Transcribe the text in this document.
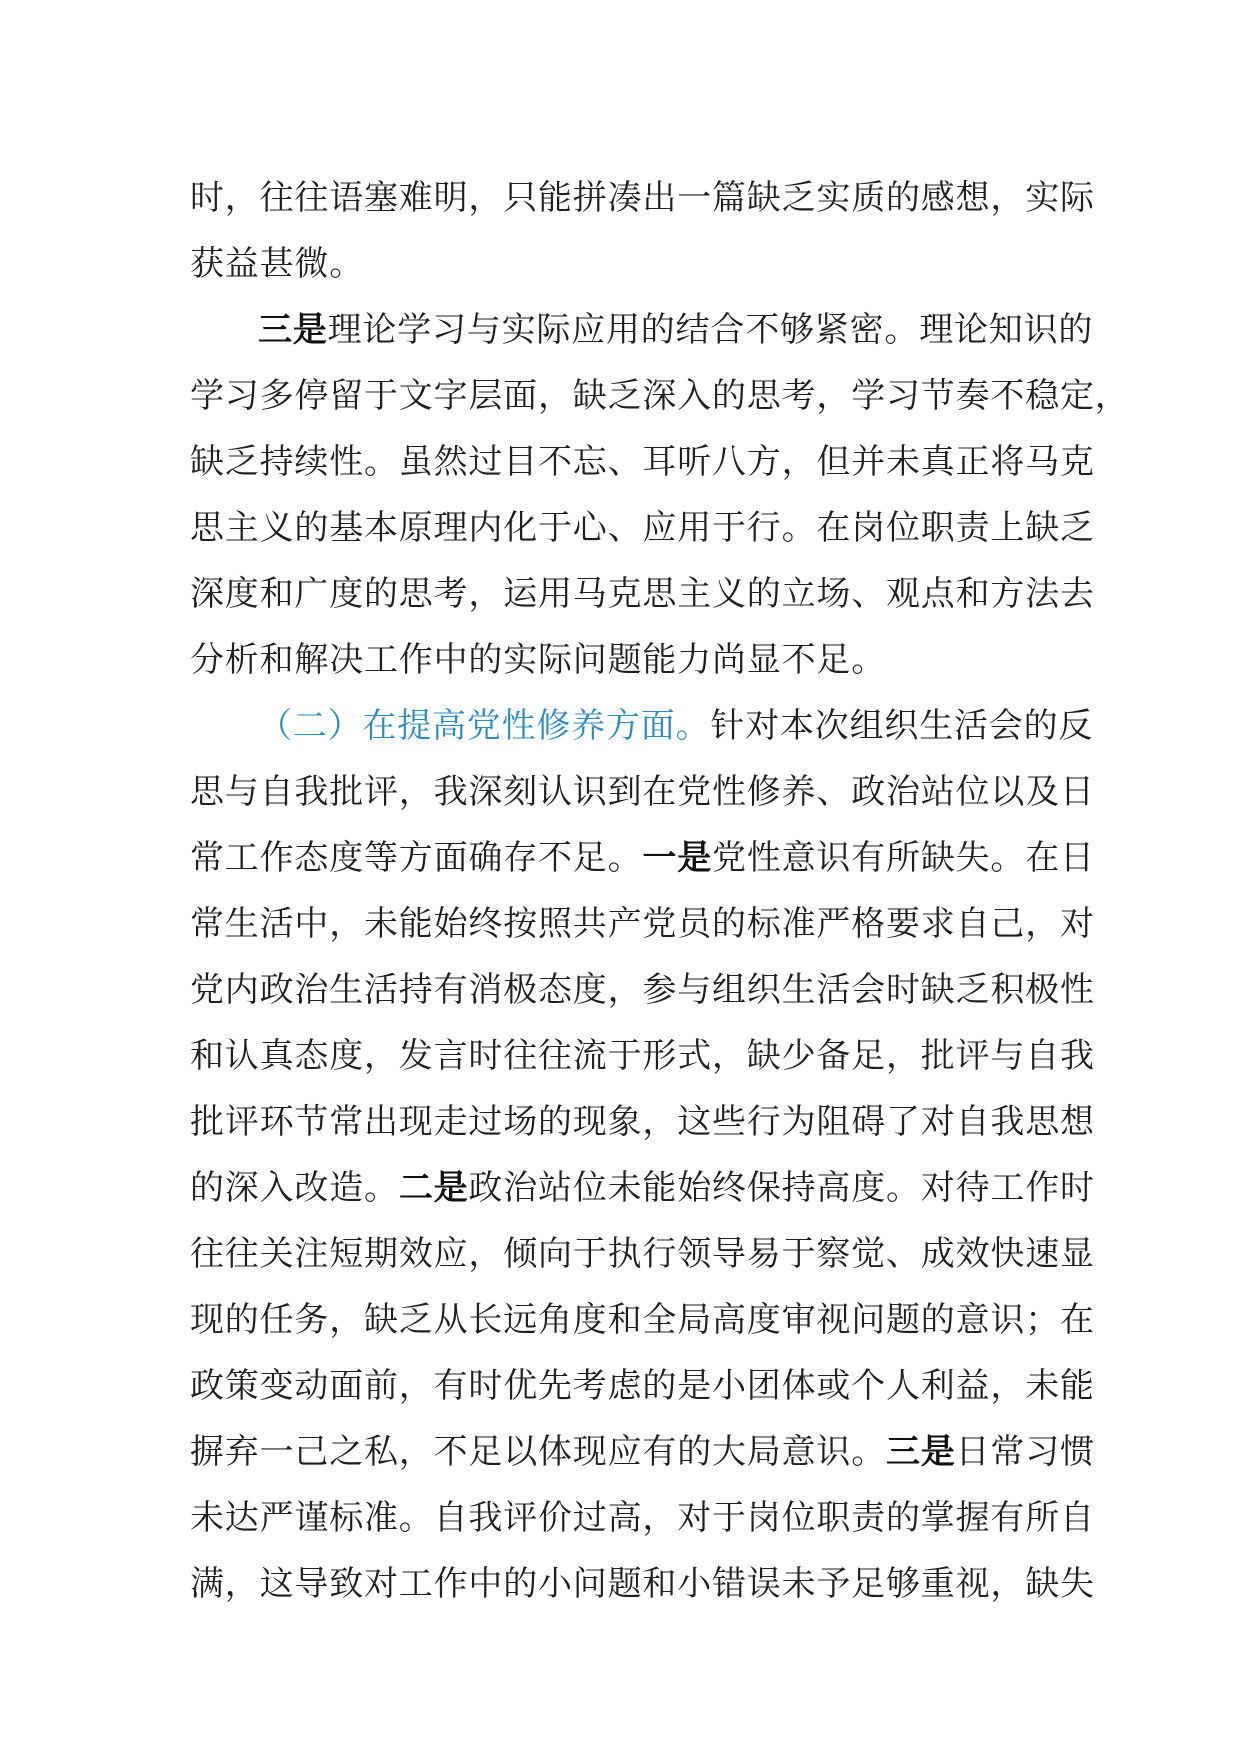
时，往往语塞难明，只能拼凑出一篇缺乏实质的感想，实际
获益甚微。
三是理论学习与实际应用的结合不够紧密。理论知识的
学习多停留于文字层面，缺乏深入的思考，学习节奏不稳定，
缺乏持续性。虽然过目不忘、耳听八方，但并未真正将马克
思主义的基本原理内化于心、应用于行。在岗位职责上缺乏
深度和广度的思考，运用马克思主义的立场、观点和方法去
分析和解决工作中的实际问题能力尚显不足。
（二）在提高党性修养方面。针对本次组织生活会的反
思与自我批评，我深刻认识到在党性修养、政治站位以及日
常工作态度等方面确存不足。一是党性意识有所缺失。在日
常生活中，未能始终按照共产党员的标准严格要求自己，对
党内政治生活持有消极态度，参与组织生活会时缺乏积极性
和认真态度，发言时往往流于形式，缺少备足，批评与自我
批评环节常出现走过场的现象，这些行为阻碍了对自我思想
的深入改造。二是政治站位未能始终保持高度。对待工作时
往往关注短期效应，倾向于执行领导易于察觉、成效快速显
现的任务，缺乏从长远角度和全局高度审视问题的意识；在
政策变动面前，有时优先考虑的是小团体或个人利益，未能
摒弃一己之私，不足以体现应有的大局意识。三是日常习惯
未达严谨标准。自我评价过高，对于岗位职责的掌握有所自
满，这导致对工作中的小问题和小错误未予足够重视，缺失
